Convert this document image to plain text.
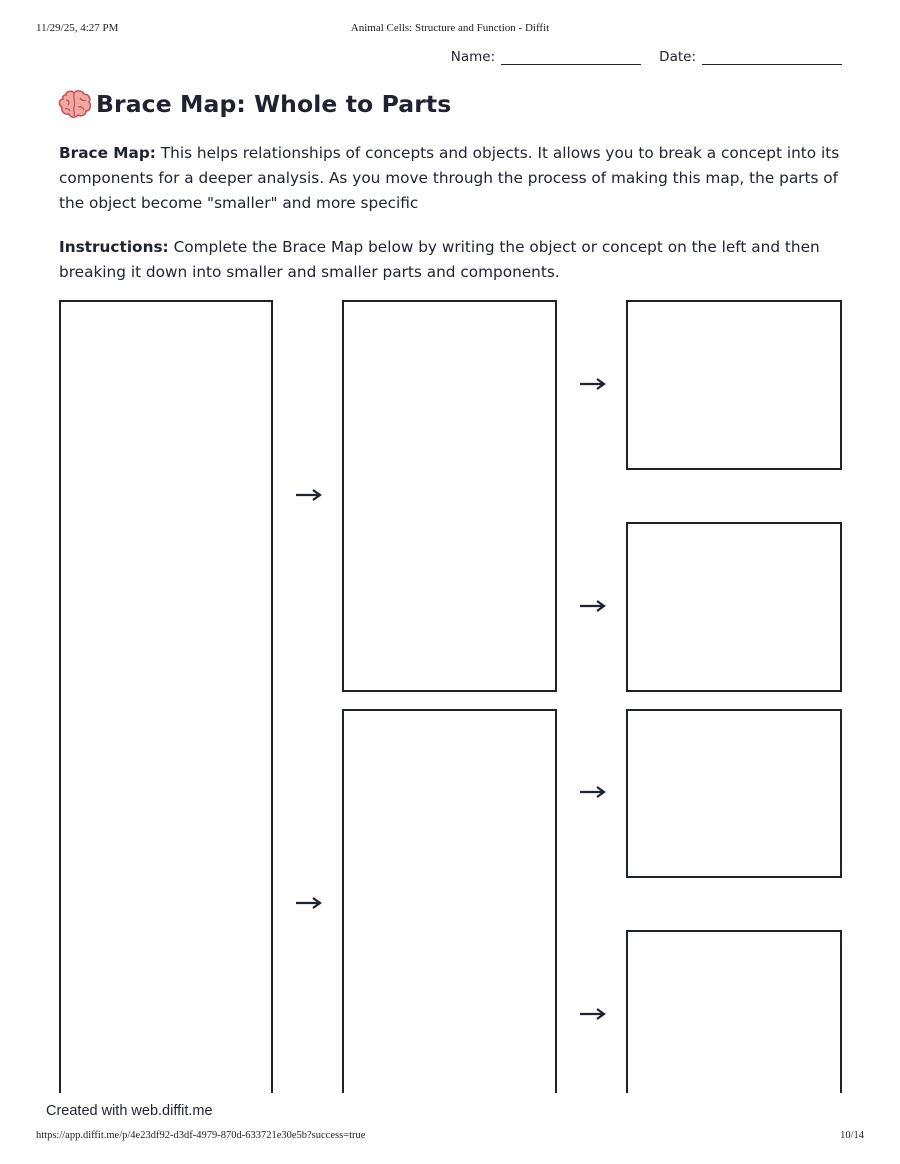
11/29/25, 4:27 PM	Animal Cells: Structure and Function - Diffit
Name:	Date:
Brace Map: Whole to Parts

Brace Map: This helps relationships of concepts and objects. It allows you to break a concept into its components for a deeper analysis. As you move through the process of making this map, the parts of the object become "smaller" and more specific

Instructions: Complete the Brace Map below by writing the object or concept on the left and then breaking it down into smaller and smaller parts and components.

Created with web.diffit.me
https://app.diffit.me/p/4e23df92-d3df-4979-870d-633721e30e5b?success=true	10/14
